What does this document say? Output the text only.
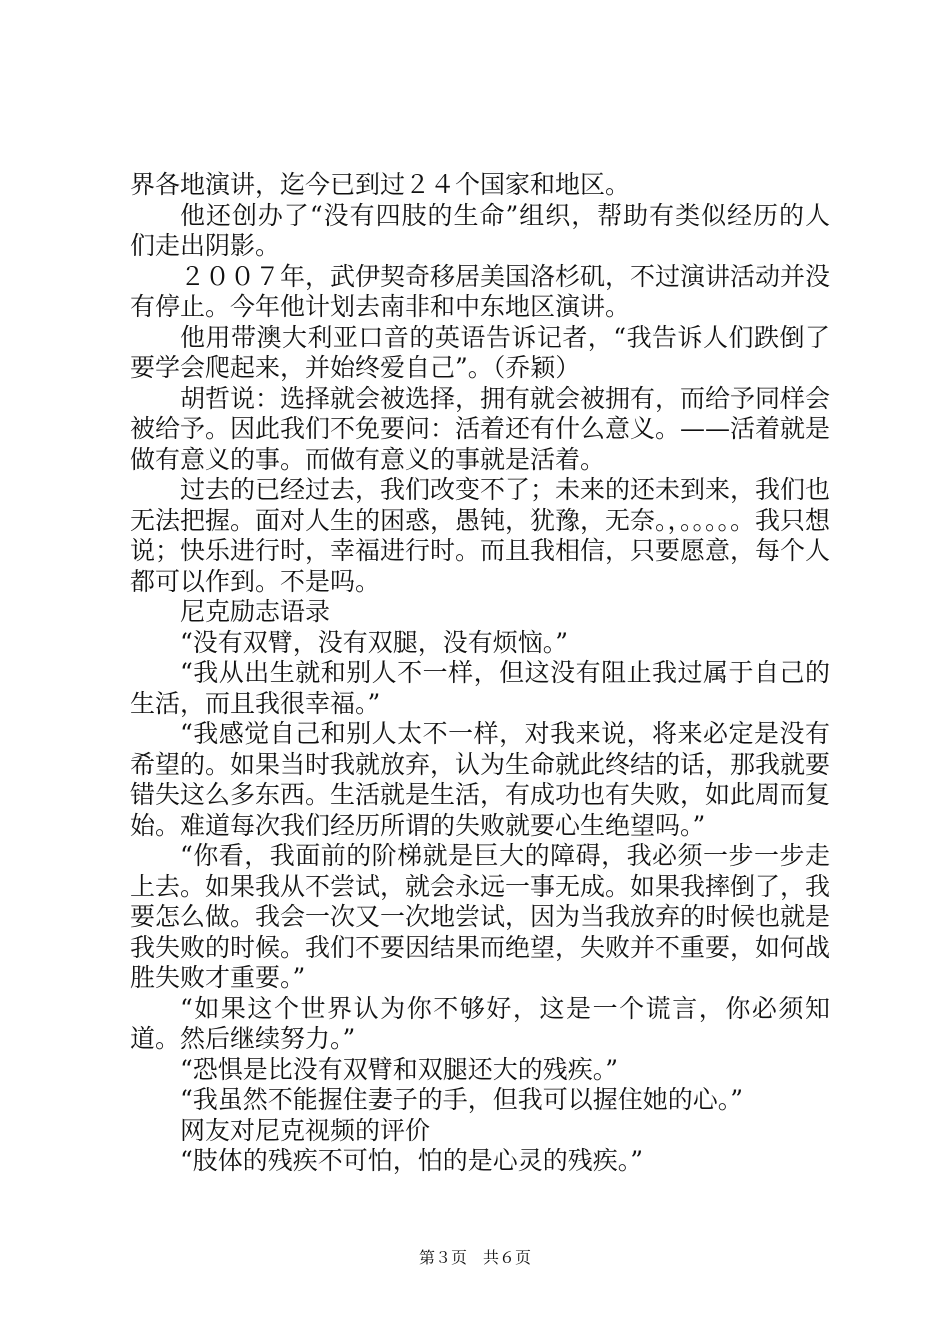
界各地演讲，迄今已到过２４个国家和地区。

他还创办了“没有四肢的生命”组织，帮助有类似经历的人们走出阴影。

２００７年，武伊契奇移居美国洛杉矶，不过演讲活动并没有停止。今年他计划去南非和中东地区演讲。

他用带澳大利亚口音的英语告诉记者，“我告诉人们跌倒了要学会爬起来，并始终爱自己”。（乔颖）

胡哲说：选择就会被选择，拥有就会被拥有，而给予同样会被给予。因此我们不免要问：活着还有什么意义。——活着就是做有意义的事。而做有意义的事就是活着。

过去的已经过去，我们改变不了；未来的还未到来，我们也无法把握。面对人生的困惑，愚钝，犹豫，无奈。，。。。。。我只想说；快乐进行时，幸福进行时。而且我相信，只要愿意，每个人都可以作到。不是吗。

尼克励志语录

“没有双臂，没有双腿，没有烦恼。”

“我从出生就和别人不一样，但这没有阻止我过属于自己的生活，而且我很幸福。”

“我感觉自己和别人太不一样，对我来说，将来必定是没有希望的。如果当时我就放弃，认为生命就此终结的话，那我就要错失这么多东西。生活就是生活，有成功也有失败，如此周而复始。难道每次我们经历所谓的失败就要心生绝望吗。”

“你看，我面前的阶梯就是巨大的障碍，我必须一步一步走上去。如果我从不尝试，就会永远一事无成。如果我摔倒了，我要怎么做。我会一次又一次地尝试，因为当我放弃的时候也就是我失败的时候。我们不要因结果而绝望，失败并不重要，如何战胜失败才重要。”

“如果这个世界认为你不够好，这是一个谎言，你必须知道。然后继续努力。”

“恐惧是比没有双臂和双腿还大的残疾。”

“我虽然不能握住妻子的手，但我可以握住她的心。”

网友对尼克视频的评价

“肢体的残疾不可怕，怕的是心灵的残疾。”

第３页　共６页
